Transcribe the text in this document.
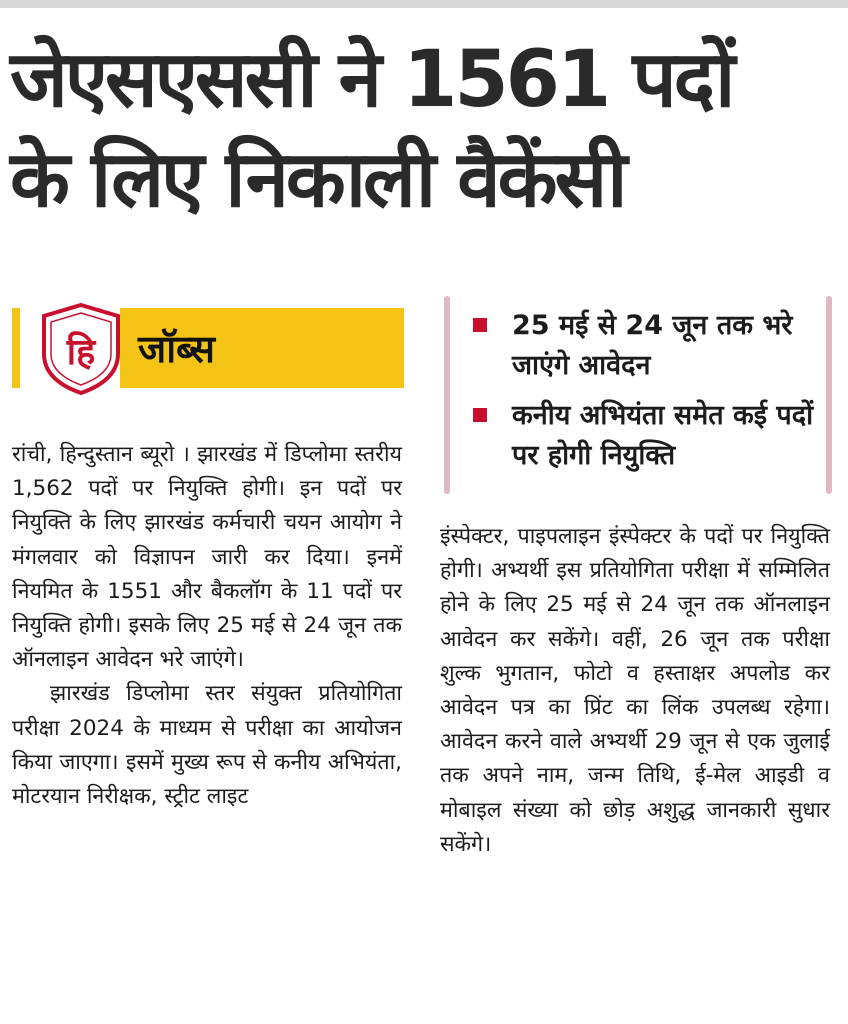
जेएसएससी ने 1561 पदों
के लिए निकाली वैकेंसी
हि जॉब्स
25 मई से 24 जून तक भरे जाएंगे आवेदन
कनीय अभियंता समेत कई पदों पर होगी नियुक्ति

रांची, हिन्दुस्तान ब्यूरो । झारखंड में डिप्लोमा स्तरीय 1,562 पदों पर नियुक्ति होगी। इन पदों पर नियुक्ति के लिए झारखंड कर्मचारी चयन आयोग ने मंगलवार को विज्ञापन जारी कर दिया। इनमें नियमित के 1551 और बैकलॉग के 11 पदों पर नियुक्ति होगी। इसके लिए 25 मई से 24 जून तक ऑनलाइन आवेदन भरे जाएंगे।

झारखंड डिप्लोमा स्तर संयुक्त प्रतियोगिता परीक्षा 2024 के माध्यम से परीक्षा का आयोजन किया जाएगा। इसमें मुख्य रूप से कनीय अभियंता, मोटरयान निरीक्षक, स्ट्रीट लाइट

इंस्पेक्टर, पाइपलाइन इंस्पेक्टर के पदों पर नियुक्ति होगी। अभ्यर्थी इस प्रतियोगिता परीक्षा में सम्मिलित होने के लिए 25 मई से 24 जून तक ऑनलाइन आवेदन कर सकेंगे। वहीं, 26 जून तक परीक्षा शुल्क भुगतान, फोटो व हस्ताक्षर अपलोड कर आवेदन पत्र का प्रिंट का लिंक उपलब्ध रहेगा। आवेदन करने वाले अभ्यर्थी 29 जून से एक जुलाई तक अपने नाम, जन्म तिथि, ई-मेल आइडी व मोबाइल संख्या को छोड़ अशुद्ध जानकारी सुधार सकेंगे।
